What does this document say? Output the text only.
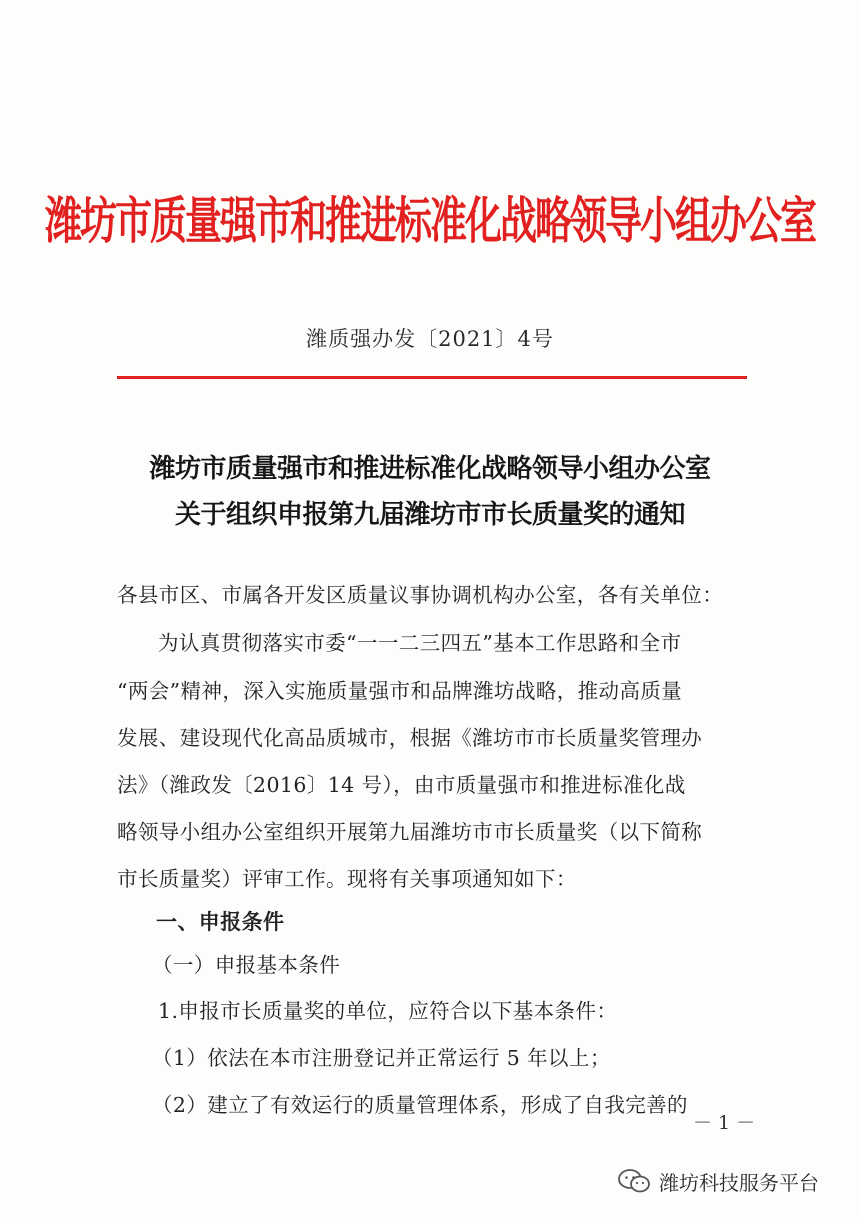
潍坊市质量强市和推进标准化战略领导小组办公室
潍质强办发〔2021〕4号
潍坊市质量强市和推进标准化战略领导小组办公室
关于组织申报第九届潍坊市市长质量奖的通知
各县市区、市属各开发区质量议事协调机构办公室，各有关单位：
为认真贯彻落实市委“一一二三四五”基本工作思路和全市
“两会”精神，深入实施质量强市和品牌潍坊战略，推动高质量
发展、建设现代化高品质城市，根据《潍坊市市长质量奖管理办
法》（潍政发〔2016〕14 号），由市质量强市和推进标准化战
略领导小组办公室组织开展第九届潍坊市市长质量奖（以下简称
市长质量奖）评审工作。现将有关事项通知如下：
一、申报条件
（一）申报基本条件
1.申报市长质量奖的单位，应符合以下基本条件：
（1）依法在本市注册登记并正常运行 5 年以上；
（2）建立了有效运行的质量管理体系，形成了自我完善的
－ 1 －
潍坊科技服务平台
